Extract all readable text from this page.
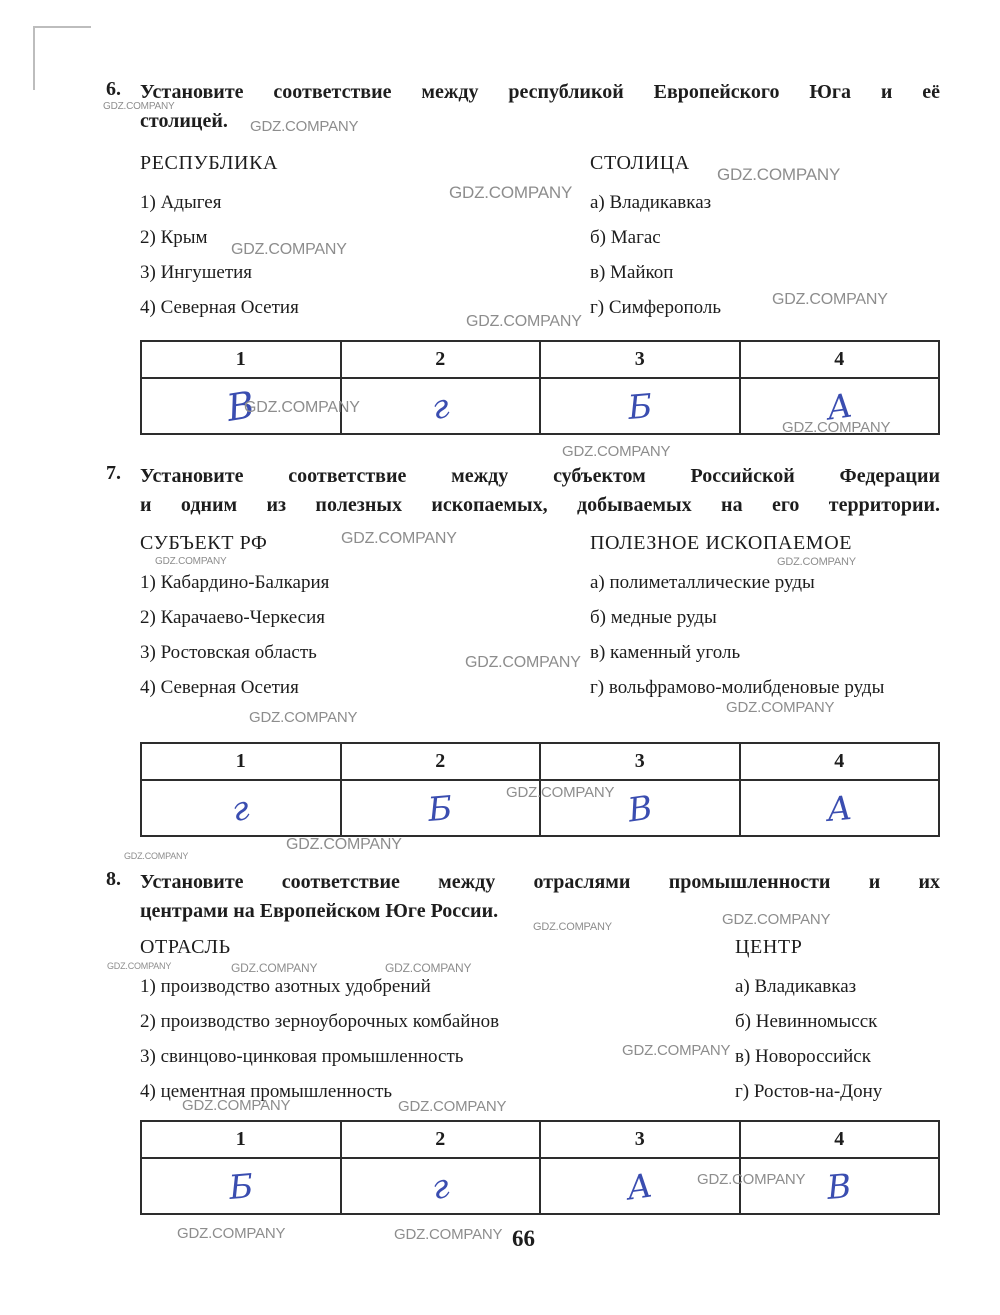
6. Установите соответствие между республикой Европейского Юга и её
столицей.
РЕСПУБЛИКА
1) Адыгея
2) Крым
3) Ингушетия
4) Северная Осетия
СТОЛИЦА
а) Владикавказ
б) Магас
в) Майкоп
г) Симферополь
1	2	3	4
В	г	Б	А
7. Установите соответствие между субъектом Российской Федерации
и одним из полезных ископаемых, добываемых на его территории.
СУБЪЕКТ РФ
1) Кабардино-Балкария
2) Карачаево-Черкесия
3) Ростовская область
4) Северная Осетия
ПОЛЕЗНОЕ ИСКОПАЕМОЕ
а) полиметаллические руды
б) медные руды
в) каменный уголь
г) вольфрамово-молибденовые руды
1	2	3	4
г	Б	В	А
8. Установите соответствие между отраслями промышленности и их
центрами на Европейском Юге России.
ОТРАСЛЬ
1) производство азотных удобрений
2) производство зерноуборочных комбайнов
3) свинцово-цинковая промышленность
4) цементная промышленность
ЦЕНТР
а) Владикавказ
б) Невинномысск
в) Новороссийск
г) Ростов-на-Дону
1	2	3	4
Б	г	А	В
GDZ.COMPANY
GDZ.COMPANY
GDZ.COMPANY
GDZ.COMPANY
GDZ.COMPANY
GDZ.COMPANY
GDZ.COMPANY
GDZ.COMPANY
GDZ.COMPANY
GDZ.COMPANY
GDZ.COMPANY
GDZ.COMPANY	GDZ.COMPANY
GDZ.COMPANY
GDZ.COMPANY
GDZ.COMPANY
GDZ.COMPANY
GDZ.COMPANY
GDZ.COMPANY
GDZ.COMPANY
GDZ.COMPANY
GDZ.COMPANY	GDZ.COMPANY	GDZ.COMPANY
GDZ.COMPANY
GDZ.COMPANY	GDZ.COMPANY
GDZ.COMPANY
GDZ.COMPANY	GDZ.COMPANY 66
